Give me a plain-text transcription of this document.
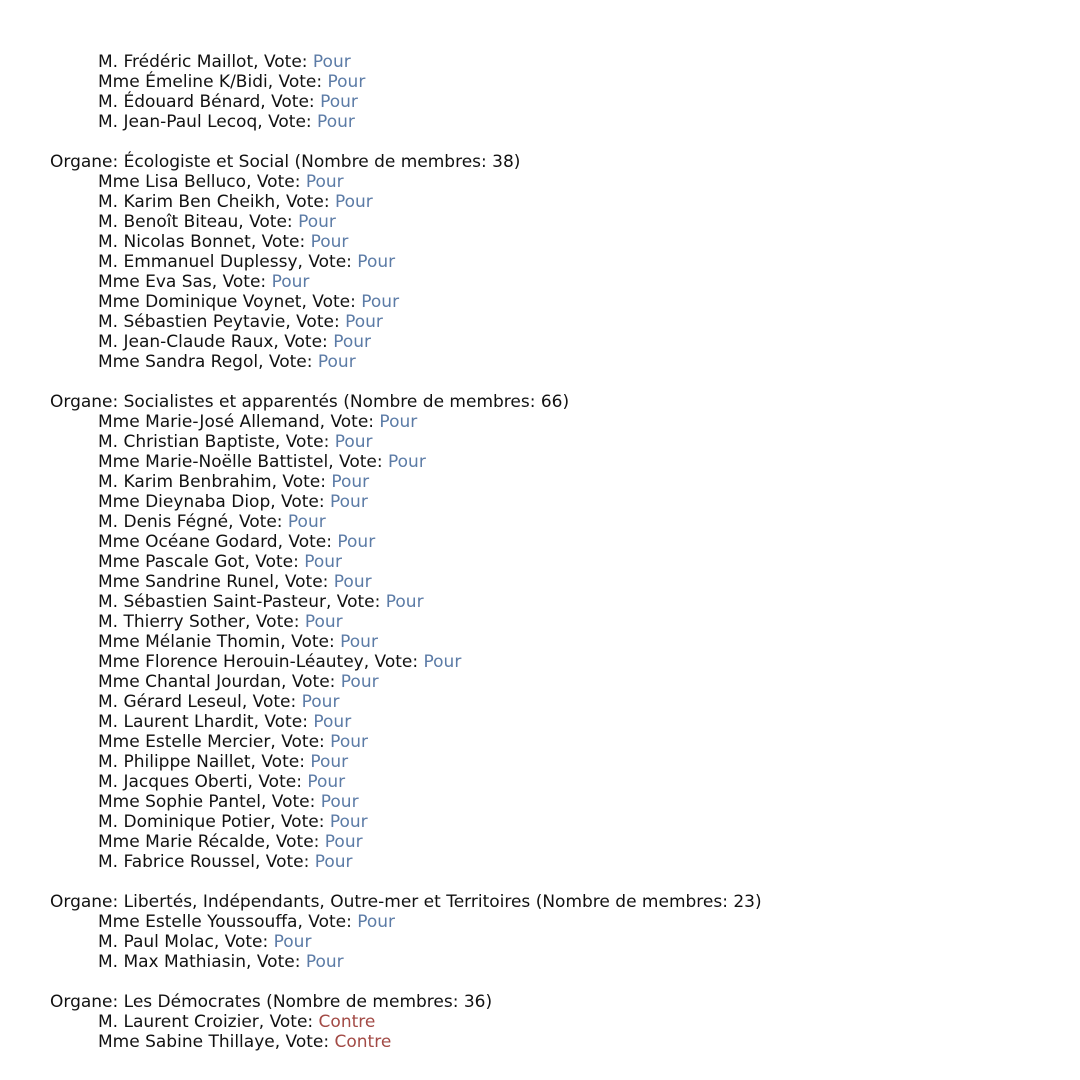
M. Frédéric Maillot, Vote: Pour
Mme Émeline K/Bidi, Vote: Pour
M. Édouard Bénard, Vote: Pour
M. Jean-Paul Lecoq, Vote: Pour
Organe: Écologiste et Social (Nombre de membres: 38)
Mme Lisa Belluco, Vote: Pour
M. Karim Ben Cheikh, Vote: Pour
M. Benoît Biteau, Vote: Pour
M. Nicolas Bonnet, Vote: Pour
M. Emmanuel Duplessy, Vote: Pour
Mme Eva Sas, Vote: Pour
Mme Dominique Voynet, Vote: Pour
M. Sébastien Peytavie, Vote: Pour
M. Jean-Claude Raux, Vote: Pour
Mme Sandra Regol, Vote: Pour
Organe: Socialistes et apparentés (Nombre de membres: 66)
Mme Marie-José Allemand, Vote: Pour
M. Christian Baptiste, Vote: Pour
Mme Marie-Noëlle Battistel, Vote: Pour
M. Karim Benbrahim, Vote: Pour
Mme Dieynaba Diop, Vote: Pour
M. Denis Fégné, Vote: Pour
Mme Océane Godard, Vote: Pour
Mme Pascale Got, Vote: Pour
Mme Sandrine Runel, Vote: Pour
M. Sébastien Saint-Pasteur, Vote: Pour
M. Thierry Sother, Vote: Pour
Mme Mélanie Thomin, Vote: Pour
Mme Florence Herouin-Léautey, Vote: Pour
Mme Chantal Jourdan, Vote: Pour
M. Gérard Leseul, Vote: Pour
M. Laurent Lhardit, Vote: Pour
Mme Estelle Mercier, Vote: Pour
M. Philippe Naillet, Vote: Pour
M. Jacques Oberti, Vote: Pour
Mme Sophie Pantel, Vote: Pour
M. Dominique Potier, Vote: Pour
Mme Marie Récalde, Vote: Pour
M. Fabrice Roussel, Vote: Pour
Organe: Libertés, Indépendants, Outre-mer et Territoires (Nombre de membres: 23)
Mme Estelle Youssouffa, Vote: Pour
M. Paul Molac, Vote: Pour
M. Max Mathiasin, Vote: Pour
Organe: Les Démocrates (Nombre de membres: 36)
M. Laurent Croizier, Vote: Contre
Mme Sabine Thillaye, Vote: Contre
